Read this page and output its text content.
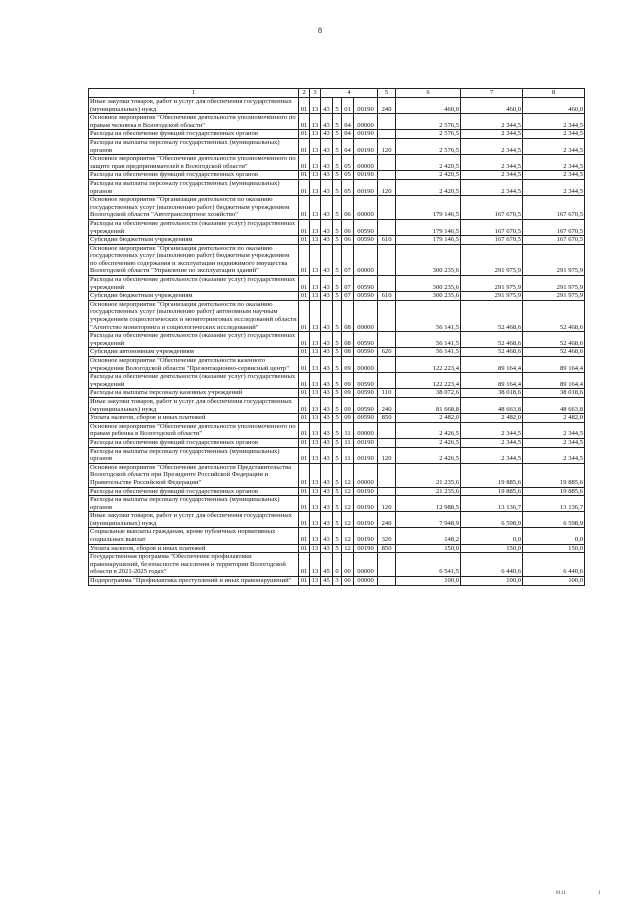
8
1	2	3	4				5	6	7	8
Иные закупки товаров, работ и услуг для обеспечения государственных (муниципальных) нужд	01	13	43	5	01	00190	240	460,0	460,0	460,0
Основное мероприятие "Обеспечение деятельности уполномоченного по правам человека в Вологодской области"	01	13	43	5	04	00000		2 576,5	2 344,5	2 344,5
Расходы на обеспечение функций государственных органов	01	13	43	5	04	00190		2 576,5	2 344,5	2 344,5
Расходы на выплаты персоналу государственных (муниципальных) органов	01	13	43	5	04	00190	120	2 576,5	2 344,5	2 344,5
Основное мероприятие "Обеспечение деятельности уполномоченного по защите прав предпринимателей в Вологодской области"	01	13	43	5	05	00000		2 420,5	2 344,5	2 344,5
Расходы на обеспечение функций государственных органов	01	13	43	5	05	00190		2 420,5	2 344,5	2 344,5
Расходы на выплаты персоналу государственных (муниципальных) органов	01	13	43	5	05	00190	120	2 420,5	2 344,5	2 344,5
Основное мероприятие "Организация деятельности по оказанию государственных услуг (выполнению работ) бюджетным учреждением Вологодской области "Автотранспортное хозяйство"	01	13	43	5	06	00000		179 146,5	167 670,5	167 670,5
Расходы на обеспечение деятельности (оказание услуг) государственных учреждений	01	13	43	5	06	00590		179 146,5	167 670,5	167 670,5
Субсидии бюджетным учреждениям	01	13	43	5	06	00590	610	179 146,5	167 670,5	167 670,5
Основное мероприятие "Организация деятельности по оказанию государственных услуг (выполнению работ) бюджетным учреждением по обеспечению содержания и эксплуатации недвижимого имущества Вологодской области "Управление по эксплуатации зданий"	01	13	43	5	07	00000		300 235,6	291 975,9	291 975,9
Расходы на обеспечение деятельности (оказание услуг) государственных учреждений	01	13	43	5	07	00590		300 235,6	291 975,9	291 975,9
Субсидии бюджетным учреждениям	01	13	43	5	07	00590	610	300 235,6	291 975,9	291 975,9
Основное мероприятие "Организация деятельности по оказанию государственных услуг (выполнению работ) автономным научным учреждением социологических и мониторинговых исследований области "Агентство мониторинга и социологических исследований"	01	13	43	5	08	00000		56 141,5	52 468,6	52 468,6
Расходы на обеспечение деятельности (оказание услуг) государственных учреждений	01	13	43	5	08	00590		56 141,5	52 468,6	52 468,6
Субсидии автономным учреждениям	01	13	43	5	08	00590	620	56 141,5	52 468,6	52 468,6
Основное мероприятие "Обеспечение деятельности казенного учреждения Вологодской области "Презентационно-сервисный центр"	01	13	43	5	09	00000		122 223,4	89 164,4	89 164,4
Расходы на обеспечение деятельности (оказание услуг) государственных учреждений	01	13	43	5	09	00590		122 223,4	89 164,4	89 164,4
Расходы на выплаты персоналу казенных учреждений	01	13	43	5	09	00590	110	38 072,6	38 018,6	38 018,6
Иные закупки товаров, работ и услуг для обеспечения государственных (муниципальных) нужд	01	13	43	5	09	00590	240	81 668,8	48 663,8	48 663,8
Уплата налогов, сборов и иных платежей	01	13	43	5	09	00590	850	2 482,0	2 482,0	2 482,0
Основное мероприятие "Обеспечение деятельности уполномоченного по правам ребенка в Вологодской области"	01	13	43	5	11	00000		2 426,5	2 344,5	2 344,5
Расходы на обеспечение функций государственных органов	01	13	43	5	11	00190		2 426,5	2 344,5	2 344,5
Расходы на выплаты персоналу государственных (муниципальных) органов	01	13	43	5	11	00190	120	2 426,5	2 344,5	2 344,5
Основное мероприятие "Обеспечение деятельности Представительства Вологодской области при Президенте Российской Федерации и Правительстве Российской Федерации"	01	13	43	5	12	00000		21 235,6	19 885,6	19 885,6
Расходы на обеспечение функций государственных органов	01	13	43	5	12	00190		21 235,6	19 885,6	19 885,6
Расходы на выплаты персоналу государственных (муниципальных) органов	01	13	43	5	12	00190	120	12 988,5	13 136,7	13 136,7
Иные закупки товаров, работ и услуг для обеспечения государственных (муниципальных) нужд	01	13	43	5	12	00190	240	7 948,9	6 598,9	6 598,9
Социальные выплаты гражданам, кроме публичных нормативных социальных выплат	01	13	43	5	12	00190	320	148,2	0,0	0,0
Уплата налогов, сборов и иных платежей	01	13	43	5	12	00190	850	150,0	150,0	150,0
Государственная программа "Обеспечение профилактики правонарушений, безопасности населения и территории Вологодской области в 2021-2025 годах"	01	13	45	0	00	00000		6 541,5	6 440,6	6 440,6
Подпрограмма "Профилактика преступлений и иных правонарушений"	01	13	45	3	00	00000		100,0	100,0	100,0
0111	1
